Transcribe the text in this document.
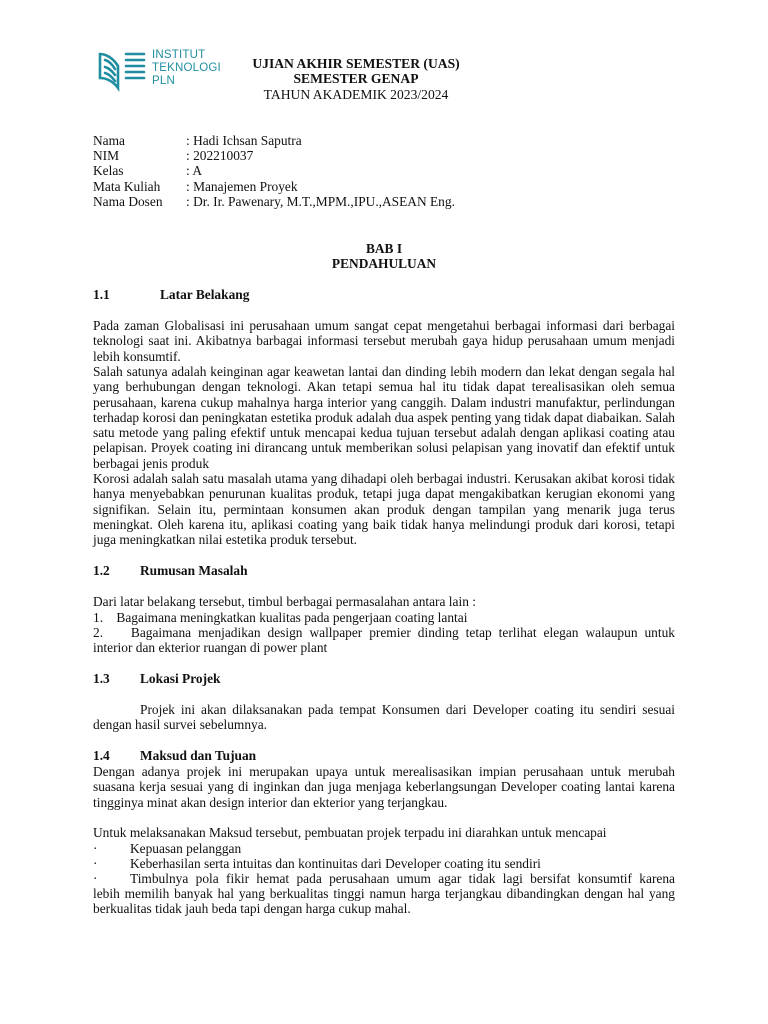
INSTITUT
TEKNOLOGI
PLN
UJIAN AKHIR SEMESTER (UAS)
SEMESTER GENAP
TAHUN AKADEMIK 2023/2024
Nama	: Hadi Ichsan Saputra
NIM	: 202210037
Kelas	: A
Mata Kuliah	: Manajemen Proyek
Nama Dosen	: Dr. Ir. Pawenary, M.T.,MPM.,IPU.,ASEAN Eng.
BAB I
PENDAHULUAN
1.1	Latar Belakang

Pada zaman Globalisasi ini perusahaan umum sangat cepat mengetahui berbagai informasi dari berbagai teknologi saat ini. Akibatnya barbagai informasi tersebut merubah gaya hidup perusahaan umum menjadi lebih konsumtif.

Salah satunya adalah keinginan agar keawetan lantai dan dinding lebih modern dan lekat dengan segala hal yang berhubungan dengan teknologi. Akan tetapi semua hal itu tidak dapat terealisasikan oleh semua perusahaan, karena cukup mahalnya harga interior yang canggih. Dalam industri manufaktur, perlindungan terhadap korosi dan peningkatan estetika produk adalah dua aspek penting yang tidak dapat diabaikan. Salah satu metode yang paling efektif untuk mencapai kedua tujuan tersebut adalah dengan aplikasi coating atau pelapisan. Proyek coating ini dirancang untuk memberikan solusi pelapisan yang inovatif dan efektif untuk berbagai jenis produk

Korosi adalah salah satu masalah utama yang dihadapi oleh berbagai industri. Kerusakan akibat korosi tidak hanya menyebabkan penurunan kualitas produk, tetapi juga dapat mengakibatkan kerugian ekonomi yang signifikan. Selain itu, permintaan konsumen akan produk dengan tampilan yang menarik juga terus meningkat. Oleh karena itu, aplikasi coating yang baik tidak hanya melindungi produk dari korosi, tetapi juga meningkatkan nilai estetika produk tersebut.

1.2 Rumusan Masalah
Dari latar belakang tersebut, timbul berbagai permasalahan antara lain :
1.    Bagaimana meningkatkan kualitas pada pengerjaan coating lantai
2.    Bagaimana menjadikan design wallpaper premier dinding tetap terlihat elegan walaupun untuk
interior dan ekterior ruangan di power plant
1.3 Lokasi Projek

Projek ini akan dilaksanakan pada tempat Konsumen dari Developer coating itu sendiri sesuai dengan hasil survei sebelumnya.

1.4 Maksud dan Tujuan

Dengan adanya projek ini merupakan upaya untuk merealisasikan impian perusahaan untuk merubah suasana kerja sesuai yang di inginkan dan juga menjaga keberlangsungan Developer coating lantai karena tingginya minat akan design interior dan ekterior yang terjangkau.

Untuk melaksanakan Maksud tersebut, pembuatan projek terpadu ini diarahkan untuk mencapai
· Kepuasan pelanggan
· Keberhasilan serta intuitas dan kontinuitas dari Developer coating itu sendiri
·	Timbulnya pola fikir hemat pada perusahaan umum agar tidak lagi bersifat konsumtif karena

lebih memilih banyak hal yang berkualitas tinggi namun harga terjangkau dibandingkan dengan hal yang berkualitas tidak jauh beda tapi dengan harga cukup mahal.
